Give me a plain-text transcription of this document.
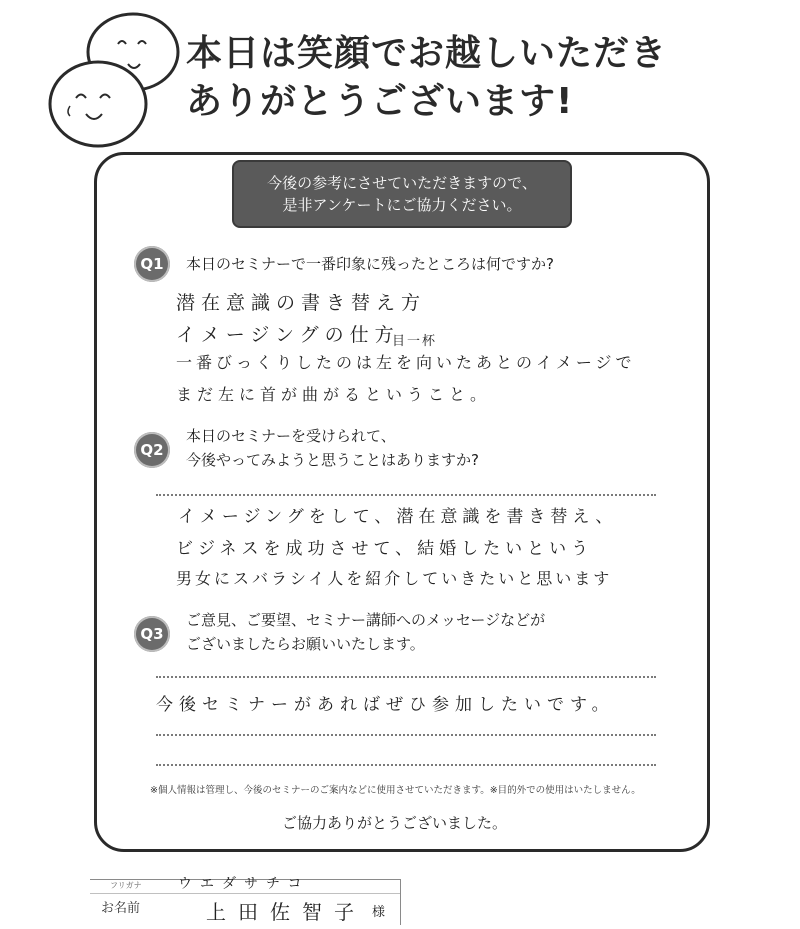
本日は笑顔でお越しいただき
ありがとうございます!
今後の参考にさせていただきますので、
是非アンケートにご協力ください。
Q1	本日のセミナーで一番印象に残ったところは何ですか?
潜在意識の書き替え方
イメージングの仕方
目一杯
一番びっくりしたのは左を向いたあとのイメージで
まだ左に首が曲がるということ。
Q2
本日のセミナーを受けられて、
今後やってみようと思うことはありますか?
イメージングをして、潜在意識を書き替え、
ビジネスを成功させて、結婚したいという
男女にスバラシイ人を紹介していきたいと思います
Q3
ご意見、ご要望、セミナー講師へのメッセージなどが
ございましたらお願いいたします。
今後セミナーがあればぜひ参加したいです。
※個人情報は管理し、今後のセミナーのご案内などに使用させていただきます。※目的外での使用はいたしません。
ご協力ありがとうございました。
フリガナ	ウエダサチコ
お名前	上田佐智子 様
